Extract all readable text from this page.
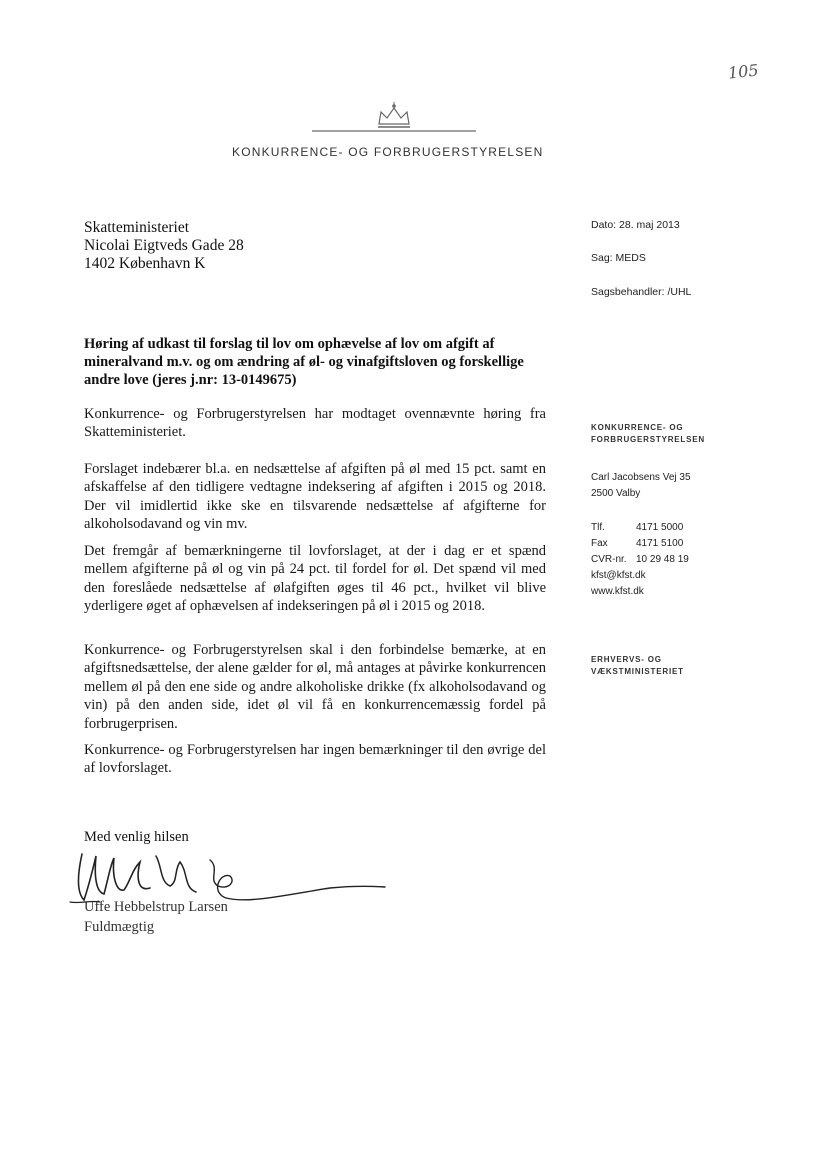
105
KONKURRENCE- OG FORBRUGERSTYRELSEN
Skatteministeriet
Nicolai Eigtveds Gade 28
1402 København K
Dato: 28. maj 2013
Sag: MEDS
Sagsbehandler: /UHL
Høring af udkast til forslag til lov om ophævelse af lov om afgift af mineralvand m.v. og om ændring af øl- og vinafgiftsloven og forskellige andre love (jeres j.nr: 13-0149675)
Konkurrence- og Forbrugerstyrelsen har modtaget ovennævnte høring fra Skatteministeriet.
Forslaget indebærer bl.a. en nedsættelse af afgiften på øl med 15 pct. samt en afskaffelse af den tidligere vedtagne indeksering af afgiften i 2015 og 2018. Der vil imidlertid ikke ske en tilsvarende nedsættelse af afgifterne for alkoholsodavand og vin mv.
Det fremgår af bemærkningerne til lovforslaget, at der i dag er et spænd mellem afgifterne på øl og vin på 24 pct. til fordel for øl. Det spænd vil med den foreslåede nedsættelse af ølafgiften øges til 46 pct., hvilket vil blive yderligere øget af ophævelsen af indekseringen på øl i 2015 og 2018.
Konkurrence- og Forbrugerstyrelsen skal i den forbindelse bemærke, at en afgiftsnedsættelse, der alene gælder for øl, må antages at påvirke konkurrencen mellem øl på den ene side og andre alkoholiske drikke (fx alkoholsodavand og vin) på den anden side, idet øl vil få en konkurrencemæssig fordel på forbrugerprisen.
Konkurrence- og Forbrugerstyrelsen har ingen bemærkninger til den øvrige del af lovforslaget.
KONKURRENCE- OG
FORBRUGERSTYRELSEN
Carl Jacobsens Vej 35
2500 Valby
Tlf.	4171 5000
Fax	4171 5100
CVR-nr. 10 29 48 19
kfst@kfst.dk
www.kfst.dk
ERHVERVS- OG
VÆKSTMINISTERIET
Med venlig hilsen
Uffe Hebbelstrup Larsen
Fuldmægtig
